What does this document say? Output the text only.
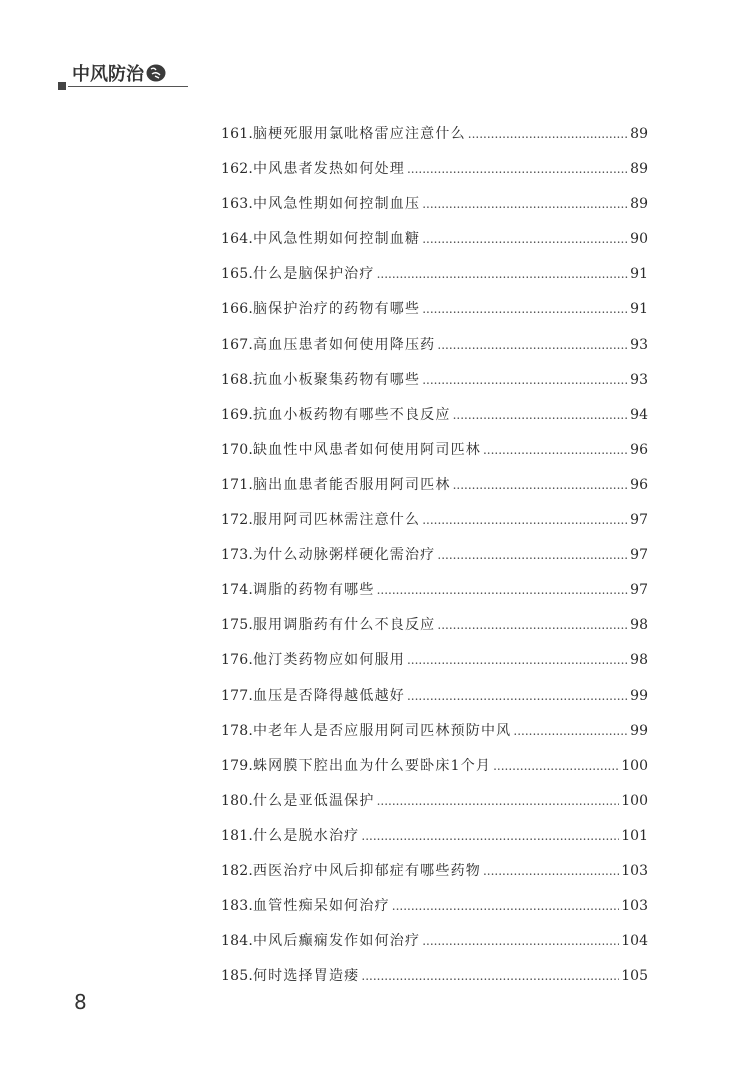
中风防治
161. 脑梗死服用氯吡格雷应注意什么 .....	89
162. 中风患者发热如何处理 .....	89
163. 中风急性期如何控制血压 .....	89
164. 中风急性期如何控制血糖 .....	90
165. 什么是脑保护治疗 .....	91
166. 脑保护治疗的药物有哪些 .....	91
167. 高血压患者如何使用降压药 .....	93
168. 抗血小板聚集药物有哪些 .....	93
169. 抗血小板药物有哪些不良反应 .....	94
170. 缺血性中风患者如何使用阿司匹林 .....	96
171. 脑出血患者能否服用阿司匹林 .....	96
172. 服用阿司匹林需注意什么 .....	97
173. 为什么动脉粥样硬化需治疗 .....	97
174. 调脂的药物有哪些 .....	97
175. 服用调脂药有什么不良反应 .....	98
176. 他汀类药物应如何服用 .....	98
177. 血压是否降得越低越好 .....	99
178. 中老年人是否应服用阿司匹林预防中风 .....	99
179. 蛛网膜下腔出血为什么要卧床1个月 .....	100
180. 什么是亚低温保护 .....	100
181. 什么是脱水治疗 .....	101
182. 西医治疗中风后抑郁症有哪些药物 .....	103
183. 血管性痴呆如何治疗 .....	103
184. 中风后癫痫发作如何治疗 .....	104
185. 何时选择胃造瘘 .....	105
8
